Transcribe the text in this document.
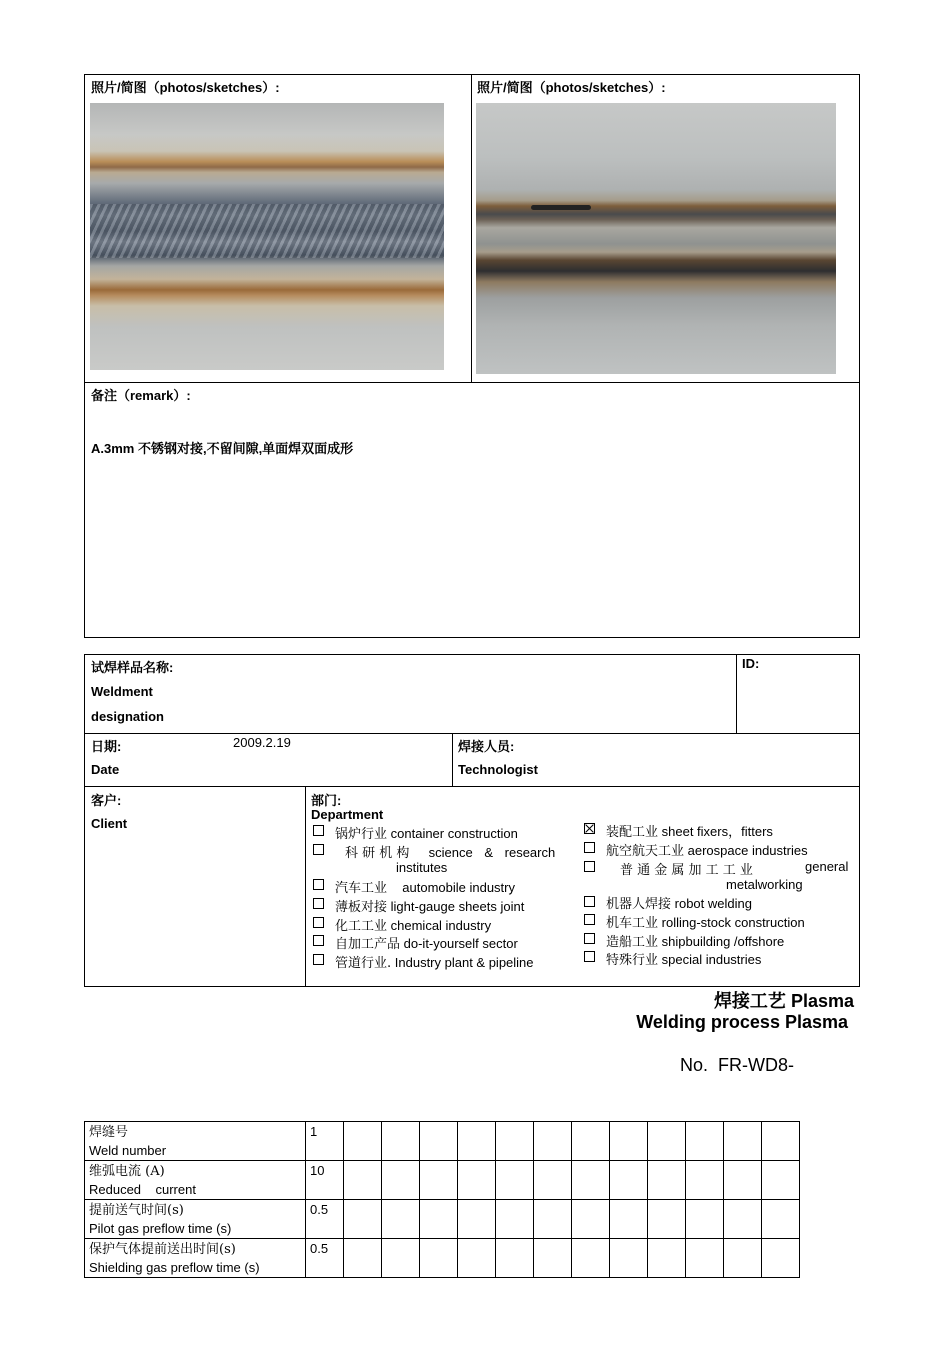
照片/简图（photos/sketches）:	照片/简图（photos/sketches）:
备注（remark）:
A.3mm 不锈钢对接,不留间隙,单面焊双面成形
试焊样品名称:
Weldment
designation
ID:
日期:	2009.2.19
Date
焊接人员:
Technologist
客户:
Client
部门:
Department
锅炉行业 container construction
科 研 机 构 science & research
institutes
汽车工业 automobile industry
薄板对接 light-gauge sheets joint
化工工业 chemical industry
自加工产品 do-it-yourself sector
管道行业. Industry plant & pipeline
装配工业 sheet fixers，fitters
航空航天工业 aerospace industries
普 通 金 属 加 工 工 业	general
metalworking
机器人焊接 robot welding
机车工业 rolling-stock construction
造船工业 shipbuilding /offshore
特殊行业 special industries
焊接工艺 Plasma
Welding process Plasma
No.  FR-WD8-
焊缝号
Weld number	1												
维弧电流 (A)
Reduced    current	10												
提前送气时间(s)
Pilot gas preflow time (s)	0.5												
保护气体提前送出时间(s)
Shielding gas preflow time (s)	0.5												
